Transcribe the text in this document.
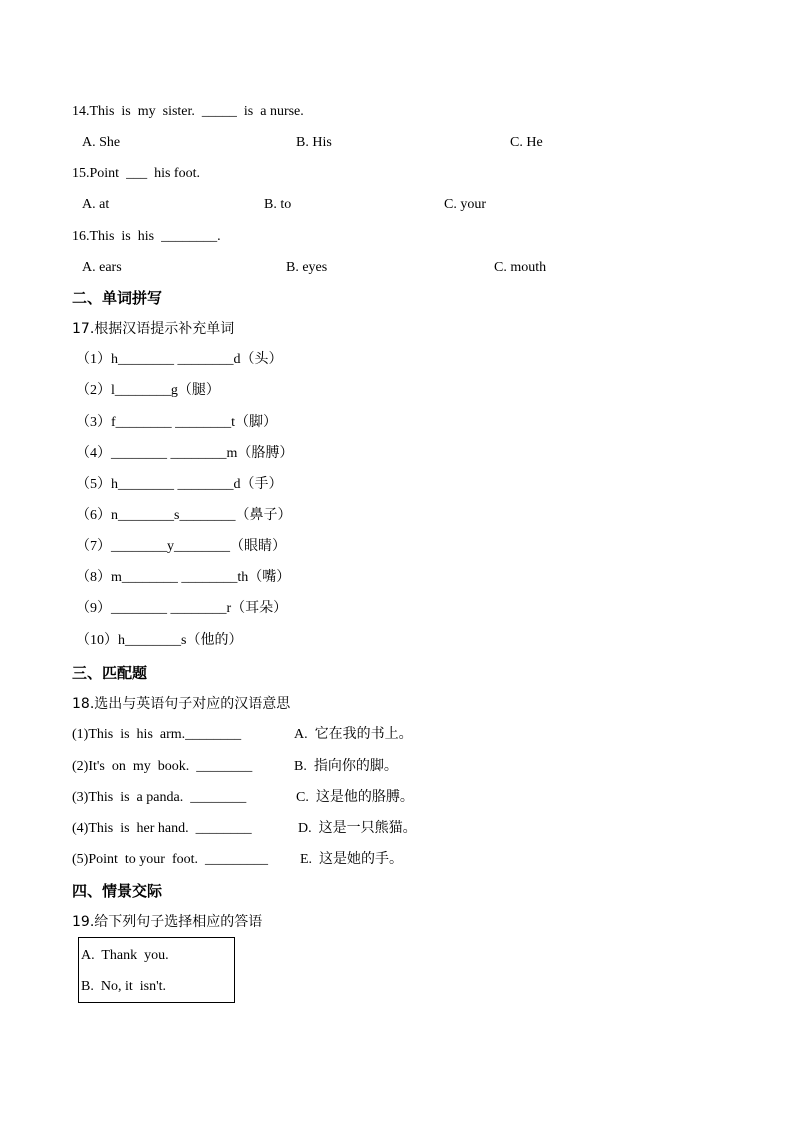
14.This  is  my  sister.  _____  is  a nurse.
A. She	B. His	C. He
15.Point  ___  his foot.
A. at	B. to	C. your
16.This  is  his  ________.
A. ears	B. eyes	C. mouth
二、单词拼写
17.根据汉语提示补充单词
（1）h________ ________d（头）
（2）l________g（腿）
（3）f________ ________t（脚）
（4）________ ________m（胳膊）
（5）h________ ________d（手）
（6）n________s________（鼻子）
（7）________y________（眼睛）
（8）m________ ________th（嘴）
（9）________ ________r（耳朵）
（10）h________s（他的）
三、匹配题
18.选出与英语句子对应的汉语意思
(1)This  is  his  arm.________
(2)It's  on  my  book.  ________
(3)This  is  a panda.  ________
(4)This  is  her hand.  ________
(5)Point  to your  foot.  _________
A.  它在我的书上。
B.  指向你的脚。
C.  这是他的胳膊。
D.  这是一只熊猫。
E.  这是她的手。
四、情景交际
19.给下列句子选择相应的答语
A.  Thank  you.
B.  No, it  isn't.
